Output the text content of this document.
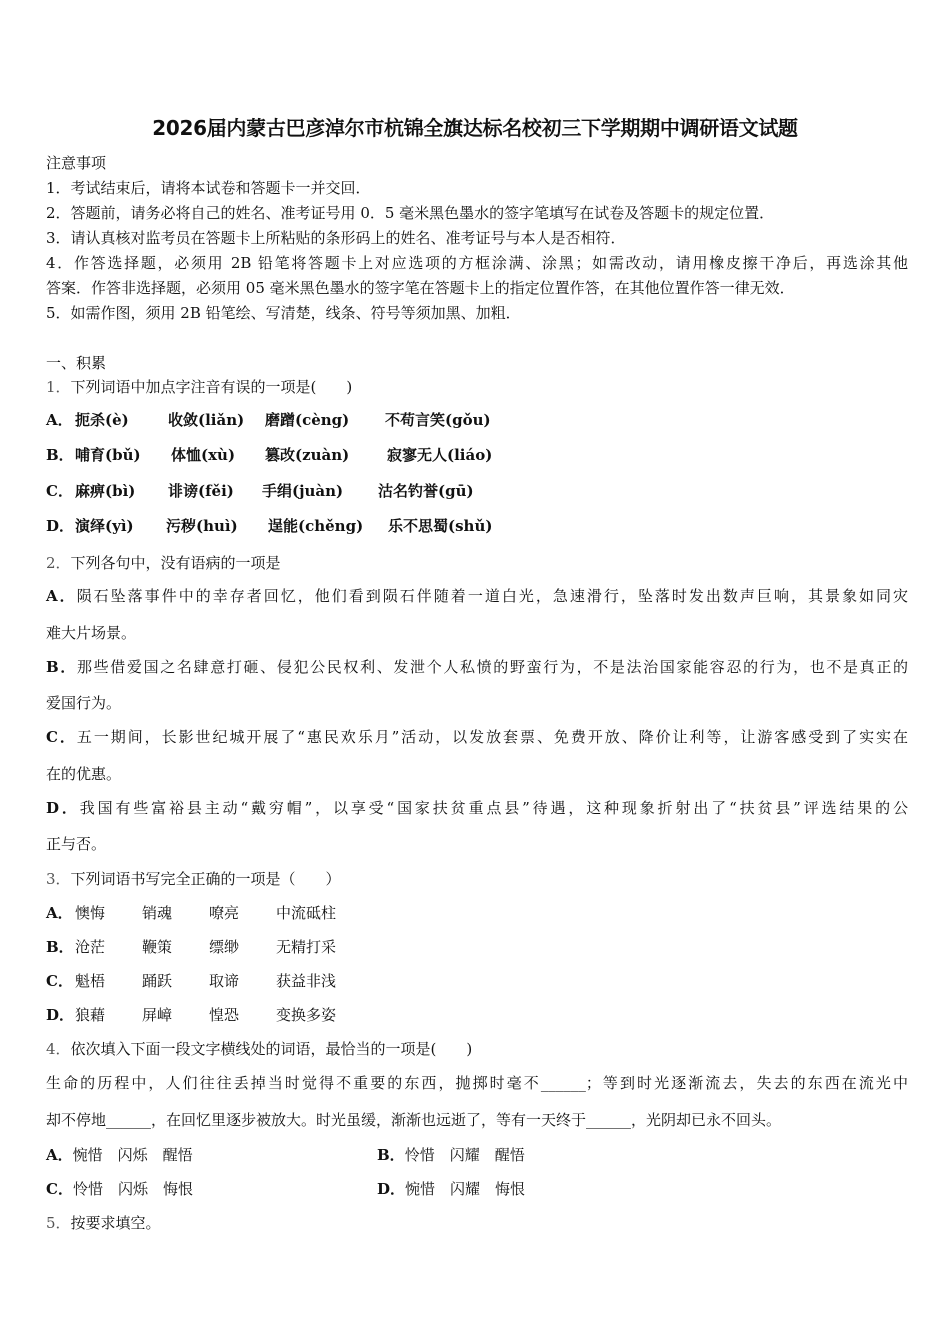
2026届内蒙古巴彦淖尔市杭锦全旗达标名校初三下学期期中调研语文试题
注意事项
1．考试结束后，请将本试卷和答题卡一并交回．
2．答题前，请务必将自己的姓名、准考证号用 0．5 毫米黑色墨水的签字笔填写在试卷及答题卡的规定位置．
3．请认真核对监考员在答题卡上所粘贴的条形码上的姓名、准考证号与本人是否相符．
4．作答选择题，必须用 2B 铅笔将答题卡上对应选项的方框涂满、涂黑；如需改动，请用橡皮擦干净后，再选涂其他
答案．作答非选择题，必须用 05 毫米黑色墨水的签字笔在答题卡上的指定位置作答，在其他位置作答一律无效．
5．如需作图，须用 2B 铅笔绘、写清楚，线条、符号等须加黑、加粗．
一、积累
1．下列词语中加点字注音有误的一项是(　　)
A． 扼杀(è)	收敛(liǎn) 磨蹭(cèng) 不苟言笑(gǒu)
B． 哺育(bǔ) 体恤(xù) 篡改(zuàn)	寂寥无人(liáo)
C． 麻痹(bì) 诽谤(fěi) 手绢(juàn) 沽名钓誉(gū)
D． 演绎(yì) 污秽(huì) 逞能(chěng) 乐不思蜀(shǔ)
2．下列各句中，没有语病的一项是
A．陨石坠落事件中的幸存者回忆，他们看到陨石伴随着一道白光，急速滑行，坠落时发出数声巨响，其景象如同灾
难大片场景。
B．那些借爱国之名肆意打砸、侵犯公民权利、发泄个人私愤的野蛮行为，不是法治国家能容忍的行为，也不是真正的
爱国行为。
C．五一期间，长影世纪城开展了“惠民欢乐月”活动，以发放套票、免费开放、降价让利等，让游客感受到了实实在
在的优惠。
D．我国有些富裕县主动“戴穷帽”，以享受“国家扶贫重点县”待遇，这种现象折射出了“扶贫县”评选结果的公
正与否。
3．下列词语书写完全正确的一项是（　　）
A． 懊悔 销魂 嘹亮 中流砥柱
B． 沧茫 鞭策 缥缈 无精打采
C． 魁梧 踊跃 取谛 获益非浅
D． 狼藉 屏嶂 惶恐 变换多姿
4．依次填入下面一段文字横线处的词语，最恰当的一项是(　　)
生命的历程中，人们往往丢掉当时觉得不重要的东西，抛掷时毫不______；等到时光逐渐流去，失去的东西在流光中
却不停地______，在回忆里逐步被放大。时光虽缓，渐渐也远逝了，等有一天终于______，光阴却已永不回头。
A．惋惜　闪烁　醒悟	B．怜惜　闪耀　醒悟
C．怜惜　闪烁　悔恨	D．惋惜　闪耀　悔恨
5．按要求填空。
